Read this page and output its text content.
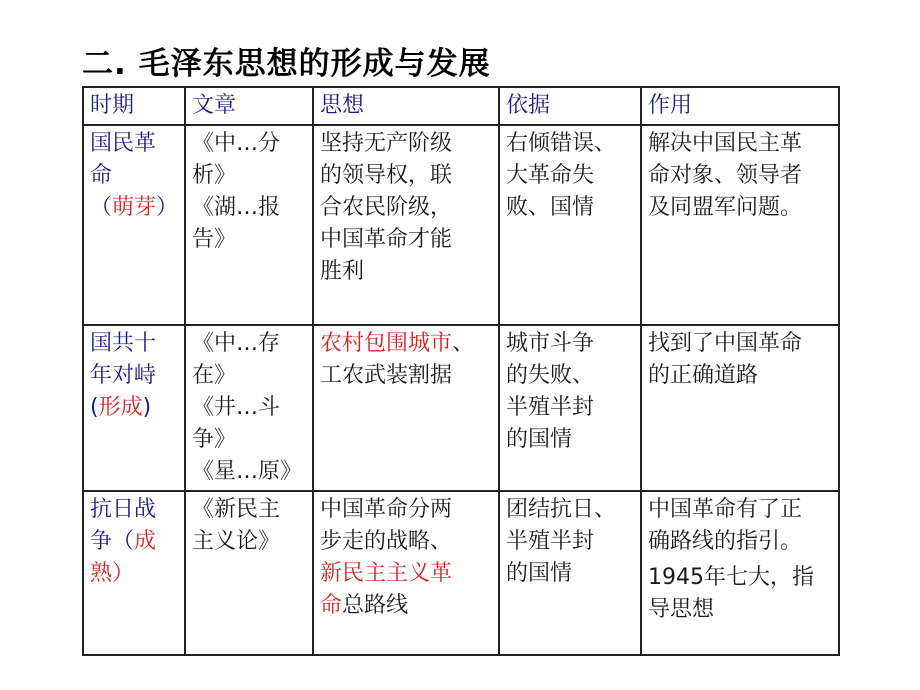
二. 毛泽东思想的形成与发展
时期	文章	思想	依据	作用

国民革
命
（萌芽）	《中…分
析》
《湖…报
告》	坚持无产阶级
的领导权，联
合农民阶级，
中国革命才能
胜利	右倾错误、
大革命失
败、国情	解决中国民主革
命对象、领导者
及同盟军问题。

国共十
年对峙
(形成)	《中…存
在》
《井…斗
争》
《星…原》	农村包围城市、
工农武装割据	城市斗争
的失败、
半殖半封
的国情	找到了中国革命
的正确道路

抗日战
争（成
熟）	《新民主
主义论》	中国革命分两
步走的战略、
新民主主义革
命总路线	团结抗日、
半殖半封
的国情	中国革命有了正
确路线的指引。
1945年七大，指
导思想
